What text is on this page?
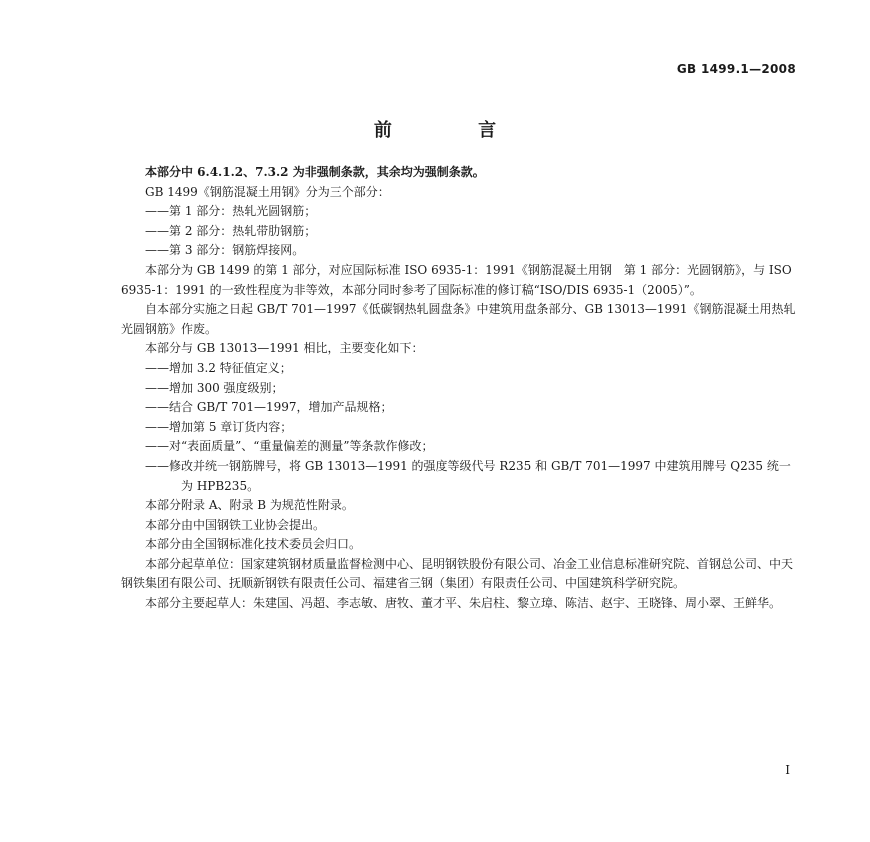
GB 1499.1—2008
前 言

本部分中 6.4.1.2、7.3.2 为非强制条款，其余均为强制条款。

GB 1499《钢筋混凝土用钢》分为三个部分：

——第 1 部分：热轧光圆钢筋；

——第 2 部分：热轧带肋钢筋；

——第 3 部分：钢筋焊接网。

本部分为 GB 1499 的第 1 部分，对应国际标准 ISO 6935-1：1991《钢筋混凝土用钢　第 1 部分：光圆钢筋》，与 ISO 6935-1：1991 的一致性程度为非等效，本部分同时参考了国际标准的修订稿“ISO/DIS 6935-1（2005）”。

自本部分实施之日起 GB/T 701—1997《低碳钢热轧圆盘条》中建筑用盘条部分、GB 13013—1991《钢筋混凝土用热轧光圆钢筋》作废。

本部分与 GB 13013—1991 相比，主要变化如下：

——增加 3.2 特征值定义；

——增加 300 强度级别；

——结合 GB/T 701—1997，增加产品规格；

——增加第 5 章订货内容；

——对“表面质量”、“重量偏差的测量”等条款作修改；

——修改并统一钢筋牌号，将 GB 13013—1991 的强度等级代号 R235 和 GB/T 701—1997 中建筑用牌号 Q235 统一为 HPB235。

本部分附录 A、附录 B 为规范性附录。

本部分由中国钢铁工业协会提出。

本部分由全国钢标准化技术委员会归口。

本部分起草单位：国家建筑钢材质量监督检测中心、昆明钢铁股份有限公司、冶金工业信息标准研究院、首钢总公司、中天钢铁集团有限公司、抚顺新钢铁有限责任公司、福建省三钢（集团）有限责任公司、中国建筑科学研究院。

本部分主要起草人：朱建国、冯超、李志敏、唐牧、董才平、朱启柱、黎立璋、陈洁、赵宇、王晓锋、周小翠、王鲜华。

I
